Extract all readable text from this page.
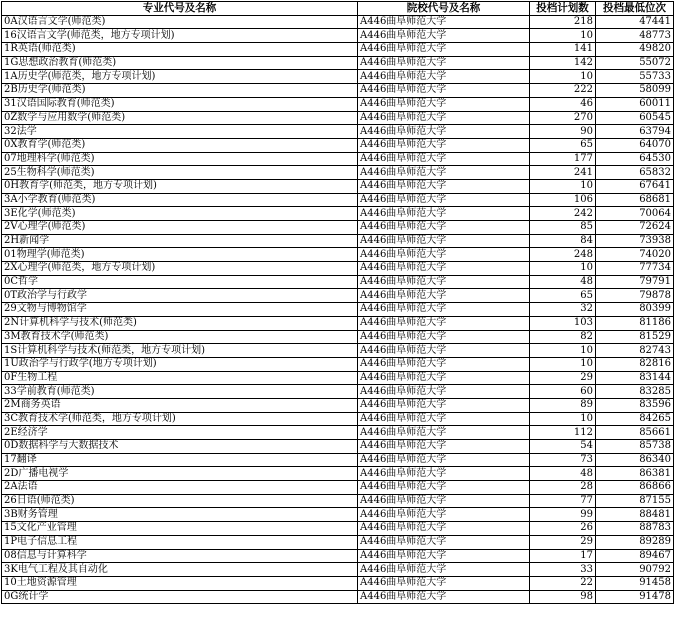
专业代号及名称	院校代号及名称	投档计划数	投档最低位次
0A汉语言文学(师范类)	A446曲阜师范大学	218	47441
16汉语言文学(师范类，地方专项计划)	A446曲阜师范大学	10	48773
1R英语(师范类)	A446曲阜师范大学	141	49820
1G思想政治教育(师范类)	A446曲阜师范大学	142	55072
1A历史学(师范类，地方专项计划)	A446曲阜师范大学	10	55733
2B历史学(师范类)	A446曲阜师范大学	222	58099
31汉语国际教育(师范类)	A446曲阜师范大学	46	60011
0Z数学与应用数学(师范类)	A446曲阜师范大学	270	60545
32法学	A446曲阜师范大学	90	63794
0X教育学(师范类)	A446曲阜师范大学	65	64070
07地理科学(师范类)	A446曲阜师范大学	177	64530
25生物科学(师范类)	A446曲阜师范大学	241	65832
0H教育学(师范类，地方专项计划)	A446曲阜师范大学	10	67641
3A小学教育(师范类)	A446曲阜师范大学	106	68681
3E化学(师范类)	A446曲阜师范大学	242	70064
2V心理学(师范类)	A446曲阜师范大学	85	72624
2H新闻学	A446曲阜师范大学	84	73938
01物理学(师范类)	A446曲阜师范大学	248	74020
2X心理学(师范类，地方专项计划)	A446曲阜师范大学	10	77734
0C哲学	A446曲阜师范大学	48	79791
0T政治学与行政学	A446曲阜师范大学	65	79878
29文物与博物馆学	A446曲阜师范大学	32	80399
2N计算机科学与技术(师范类)	A446曲阜师范大学	103	81186
3M教育技术学(师范类)	A446曲阜师范大学	82	81529
1S计算机科学与技术(师范类，地方专项计划)	A446曲阜师范大学	10	82743
1U政治学与行政学(地方专项计划)	A446曲阜师范大学	10	82816
0F生物工程	A446曲阜师范大学	29	83144
33学前教育(师范类)	A446曲阜师范大学	60	83285
2M商务英语	A446曲阜师范大学	89	83596
3C教育技术学(师范类，地方专项计划)	A446曲阜师范大学	10	84265
2E经济学	A446曲阜师范大学	112	85661
0D数据科学与大数据技术	A446曲阜师范大学	54	85738
17翻译	A446曲阜师范大学	73	86340
2D广播电视学	A446曲阜师范大学	48	86381
2A法语	A446曲阜师范大学	28	86866
26日语(师范类)	A446曲阜师范大学	77	87155
3B财务管理	A446曲阜师范大学	99	88481
15文化产业管理	A446曲阜师范大学	26	88783
1P电子信息工程	A446曲阜师范大学	29	89289
08信息与计算科学	A446曲阜师范大学	17	89467
3K电气工程及其自动化	A446曲阜师范大学	33	90792
10土地资源管理	A446曲阜师范大学	22	91458
0G统计学	A446曲阜师范大学	98	91478
